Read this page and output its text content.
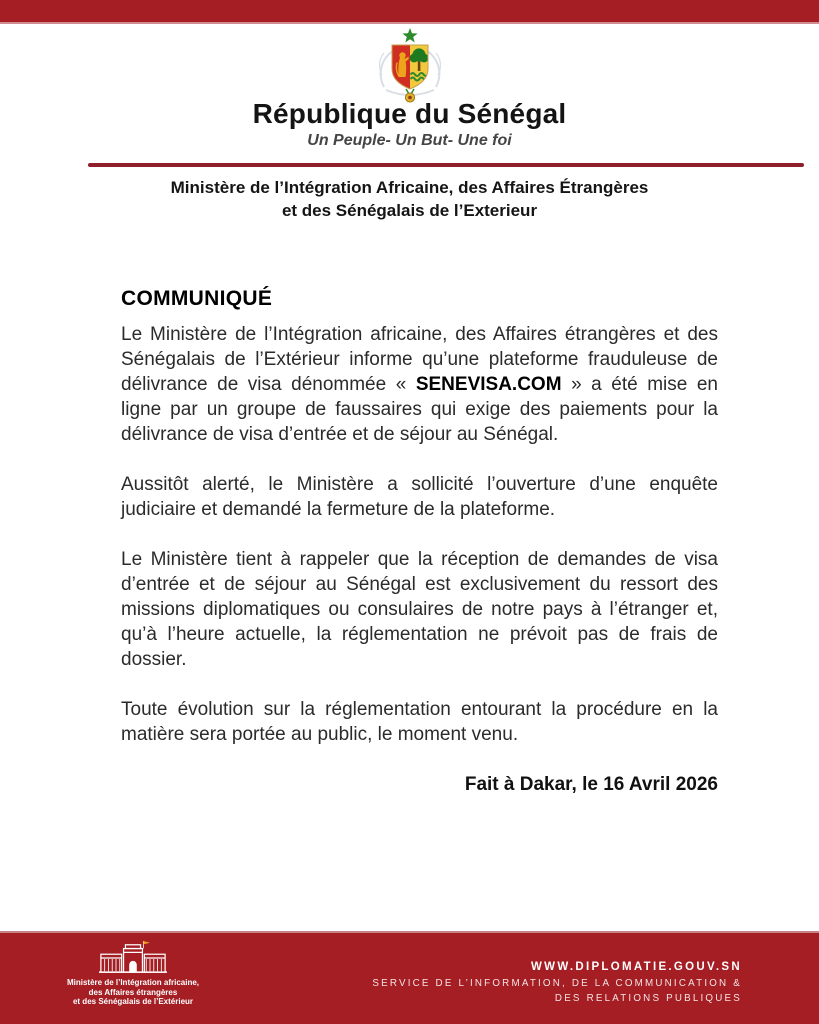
République du Sénégal
Un Peuple- Un But- Une foi
Ministère de l’Intégration Africaine, des Affaires Étrangères
et des Sénégalais de l’Exterieur
COMMUNIQUÉ

Le Ministère de l’Intégration africaine, des Affaires étrangères et des Sénégalais de l’Extérieur informe qu’une plateforme frauduleuse de délivrance de visa dénommée « SENEVISA.COM » a été mise en ligne par un groupe de faussaires qui exige des paiements pour la délivrance de visa d’entrée et de séjour au Sénégal.

Aussitôt alerté, le Ministère a sollicité l’ouverture d’une enquête judiciaire et demandé la fermeture de la plateforme.

Le Ministère tient à rappeler que la réception de demandes de visa d’entrée et de séjour au Sénégal est exclusivement du ressort des missions diplomatiques ou consulaires de notre pays à l’étranger et, qu’à l’heure actuelle, la réglementation ne prévoit pas de frais de dossier.

Toute évolution sur la réglementation entourant la procédure en la matière sera portée au public, le moment venu.

Fait à Dakar, le 16 Avril 2026

Ministère de l’Intégration africaine,
des Affaires étrangères
et des Sénégalais de l’Extérieur
WWW.DIPLOMATIE.GOUV.SN
SERVICE DE L’INFORMATION, DE LA COMMUNICATION &
DES RELATIONS PUBLIQUES
